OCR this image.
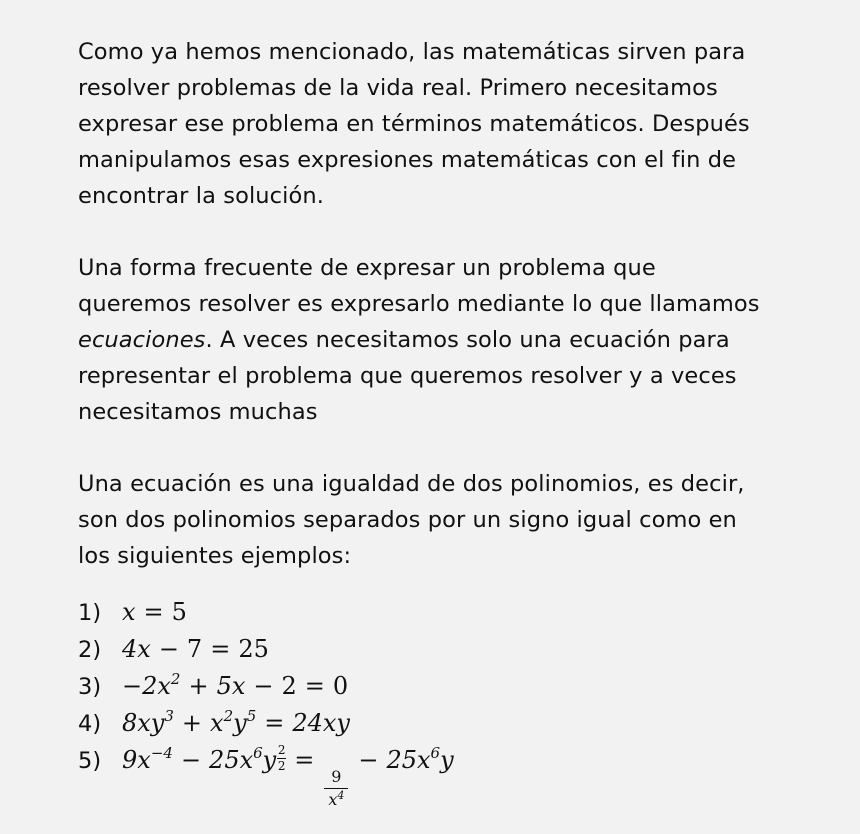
Como ya hemos mencionado, las matemáticas sirven para
resolver problemas de la vida real. Primero necesitamos
expresar ese problema en términos matemáticos. Después
manipulamos esas expresiones matemáticas con el fin de
encontrar la solución.

Una forma frecuente de expresar un problema que
queremos resolver es expresarlo mediante lo que llamamos
ecuaciones. A veces necesitamos solo una ecuación para
representar el problema que queremos resolver y a veces
necesitamos muchas

Una ecuación es una igualdad de dos polinomios, es decir,
son dos polinomios separados por un signo igual como en
los siguientes ejemplos:

1) x = 5
2) 4x − 7 = 25
$3) -2x^2 + 5x - 2 = 0$
4) $8xy^3 + x^2y^5 = 24xy$
5) $9x^{-4} - 25x^6y \frac{2}{2}$ =
$\frac{9}{x^4}$
− $25x^6y$
